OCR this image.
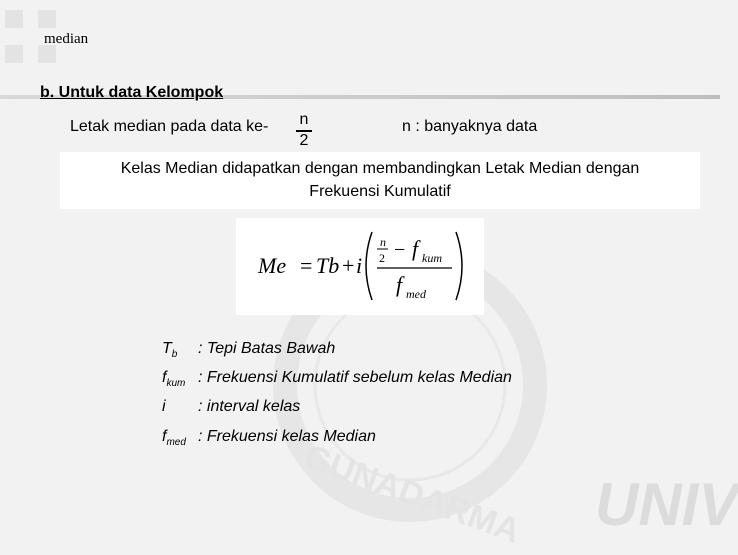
GUNADARMA UNIV
median
b. Untuk data Kelompok
Letak median pada data $ke- \frac{n}{2}$	n : banyaknya data
Kelas Median didapatkan dengan membandingkan Letak Median dengan
Frekuensi Kumulatif
Me = Tb + i
n
2 − f kum
f med
$T_b$ : Tepi Batas Bawah
$f_{kum}$ : Frekuensi Kumulatif sebelum kelas Median
i : interval kelas
$f_{med}$ : Frekuensi kelas Median
